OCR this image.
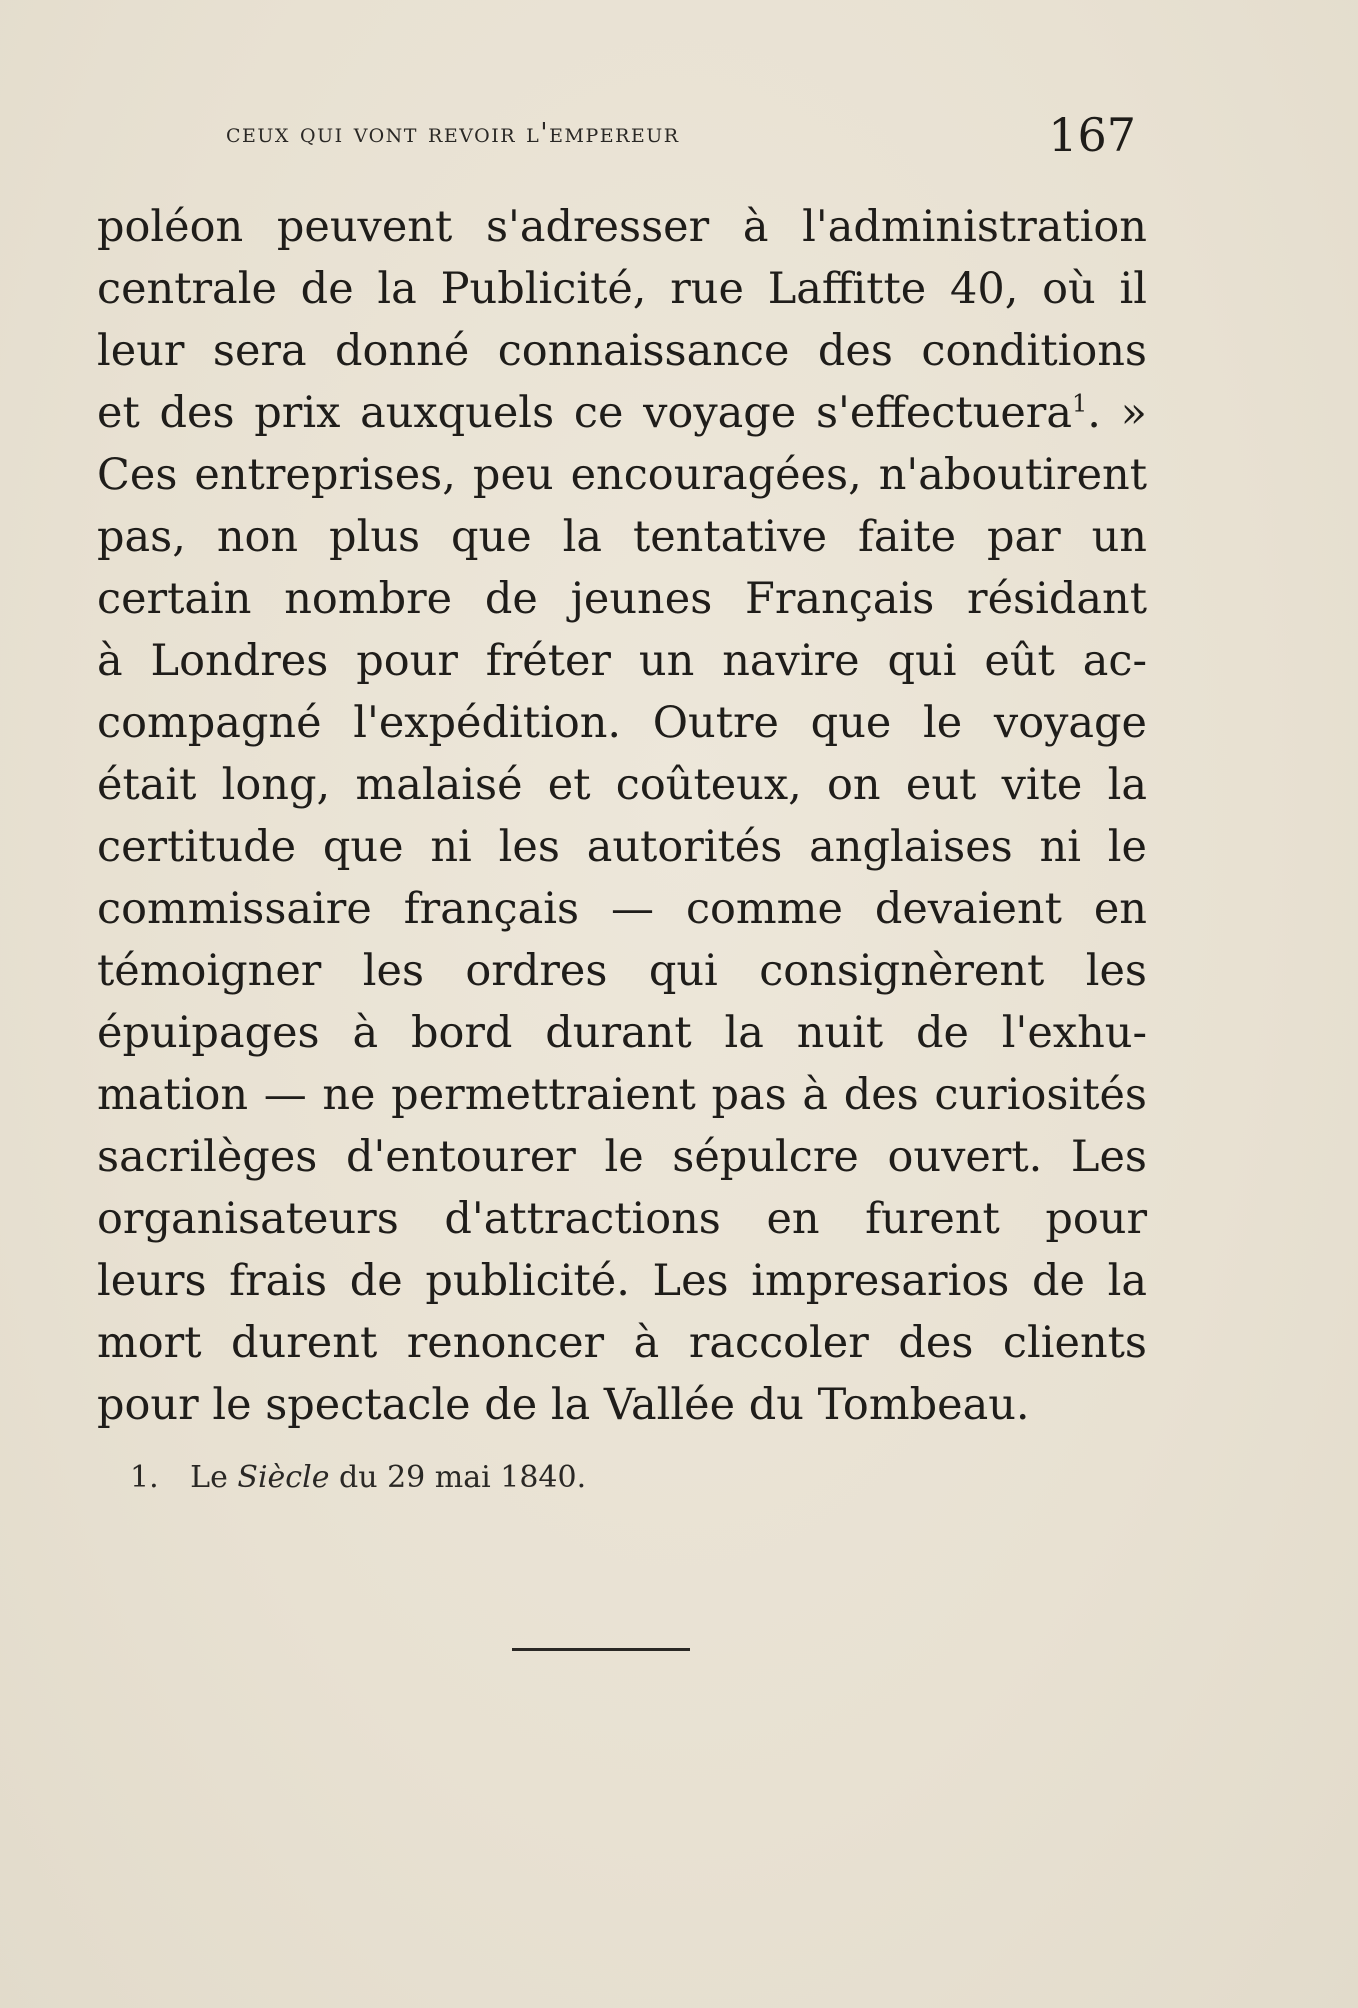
ceux qui vont revoir l'empereur	167
poléon peuvent s'adresser à l'administration
centrale de la Publicité, rue Laffitte 40, où il
leur sera donné connaissance des conditions
et des prix auxquels ce voyage s'effectuera$^1$. »
Ces entreprises, peu encouragées, n'aboutirent
pas, non plus que la tentative faite par un
certain nombre de jeunes Français résidant
à Londres pour fréter un navire qui eût ac-
compagné l'expédition. Outre que le voyage
était long, malaisé et coûteux, on eut vite la
certitude que ni les autorités anglaises ni le
commissaire français — comme devaient en
témoigner les ordres qui consignèrent les
épuipages à bord durant la nuit de l'exhu-
mation — ne permettraient pas à des curiosités
sacrilèges d'entourer le sépulcre ouvert. Les
organisateurs d'attractions en furent pour
leurs frais de publicité. Les impresarios de la
mort durent renoncer à raccoler des clients
pour le spectacle de la Vallée du Tombeau.
1. Le Siècle du 29 mai 1840.
